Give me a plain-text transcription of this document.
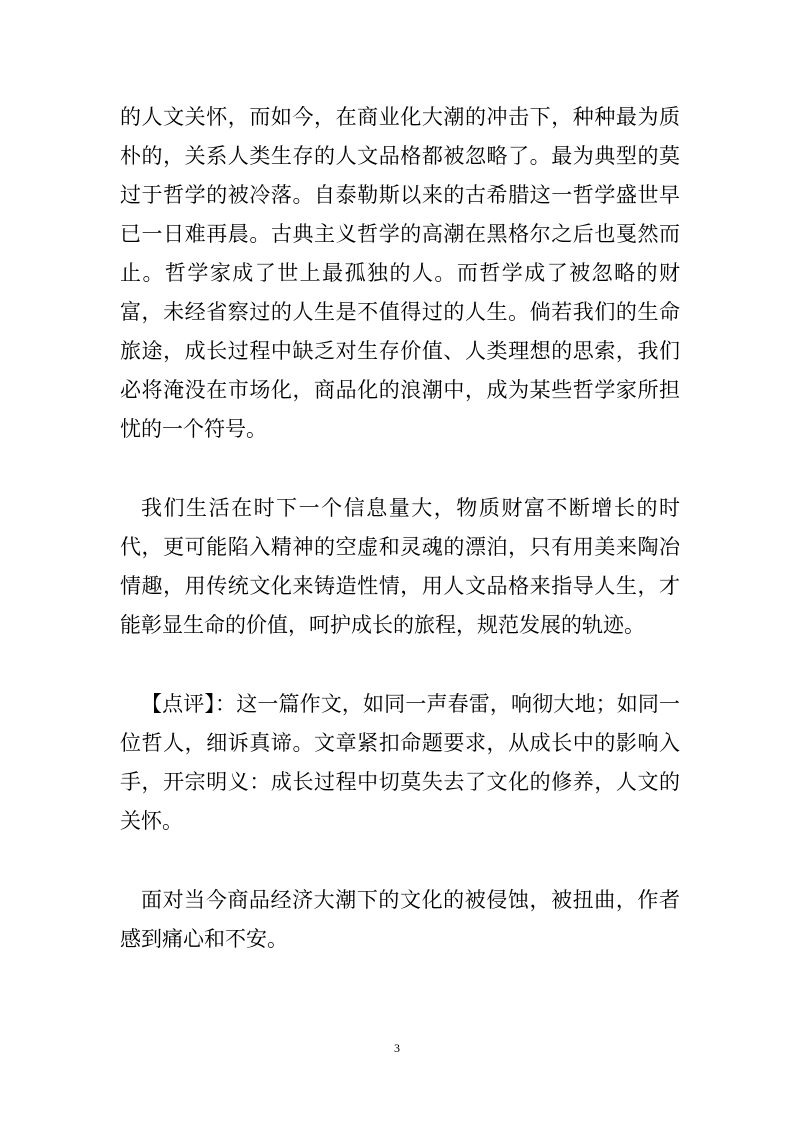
的人文关怀，而如今，在商业化大潮的冲击下，种种最为质朴的，关系人类生存的人文品格都被忽略了。最为典型的莫过于哲学的被冷落。自泰勒斯以来的古希腊这一哲学盛世早已一日难再晨。古典主义哲学的高潮在黑格尔之后也戛然而止。哲学家成了世上最孤独的人。而哲学成了被忽略的财富，未经省察过的人生是不值得过的人生。倘若我们的生命旅途，成长过程中缺乏对生存价值、人类理想的思索，我们必将淹没在市场化，商品化的浪潮中，成为某些哲学家所担忧的一个符号。

我们生活在时下一个信息量大，物质财富不断增长的时代，更可能陷入精神的空虚和灵魂的漂泊，只有用美来陶冶情趣，用传统文化来铸造性情，用人文品格来指导人生，才能彰显生命的价值，呵护成长的旅程，规范发展的轨迹。

【点评】：这一篇作文，如同一声春雷，响彻大地；如同一位哲人，细诉真谛。文章紧扣命题要求，从成长中的影响入手，开宗明义：成长过程中切莫失去了文化的修养，人文的关怀。

面对当今商品经济大潮下的文化的被侵蚀，被扭曲，作者感到痛心和不安。

3
